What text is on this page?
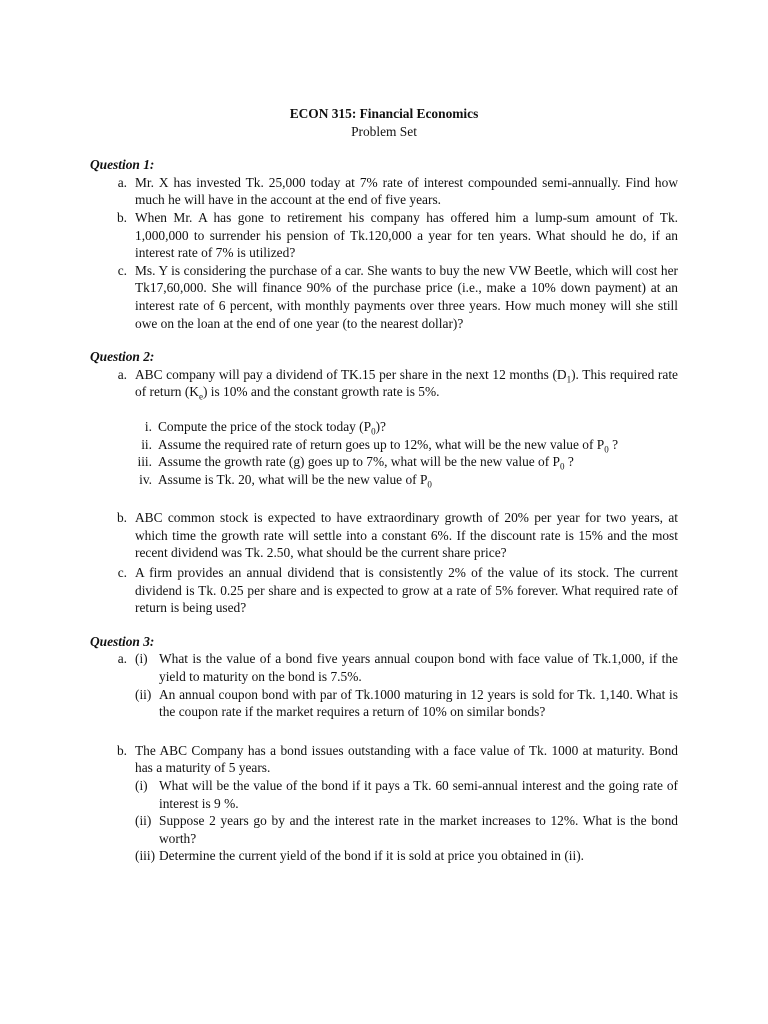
ECON 315: Financial Economics
Problem Set
Question 1:
a. Mr. X has invested Tk. 25,000 today at 7% rate of interest compounded semi-annually. Find how much he will have in the account at the end of five years.
b. When Mr. A has gone to retirement his company has offered him a lump-sum amount of Tk. 1,000,000 to surrender his pension of Tk.120,000 a year for ten years. What should he do, if an interest rate of 7% is utilized?
c. Ms. Y is considering the purchase of a car. She wants to buy the new VW Beetle, which will cost her Tk17,60,000. She will finance 90% of the purchase price (i.e., make a 10% down payment) at an interest rate of 6 percent, with monthly payments over three years. How much money will she still owe on the loan at the end of one year (to the nearest dollar)?
Question 2:
a. ABC company will pay a dividend of TK.15 per share in the next 12 months $(D_1)$. This required rate of return $(K_e)$ is 10% and the constant growth rate is 5%.
i. Compute the price of the stock today $(P_0)$?
ii. Assume the required rate of return goes up to 12%, what will be the new value of $P_0$ ?
iii. Assume the growth rate (g) goes up to 7%, what will be the new value of $P_0$ ?
iv. Assume is Tk. 20, what will be the new value of $P_0$
b. ABC common stock is expected to have extraordinary growth of 20% per year for two years, at which time the growth rate will settle into a constant 6%. If the discount rate is 15% and the most recent dividend was Tk. 2.50, what should be the current share price?
c. A firm provides an annual dividend that is consistently 2% of the value of its stock. The current dividend is Tk. 0.25 per share and is expected to grow at a rate of 5% forever. What required rate of return is being used?
Question 3:
a. (i) What is the value of a bond five years annual coupon bond with face value of Tk.1,000, if the yield to maturity on the bond is 7.5%.
(ii) An annual coupon bond with par of Tk.1000 maturing in 12 years is sold for Tk. 1,140. What is the coupon rate if the market requires a return of 10% on similar bonds?
b. The ABC Company has a bond issues outstanding with a face value of Tk. 1000 at maturity. Bond has a maturity of 5 years.
(i) What will be the value of the bond if it pays a Tk. 60 semi-annual interest and the going rate of interest is 9 %.
(ii) Suppose 2 years go by and the interest rate in the market increases to 12%. What is the bond worth?
(iii) Determine the current yield of the bond if it is sold at price you obtained in (ii).
